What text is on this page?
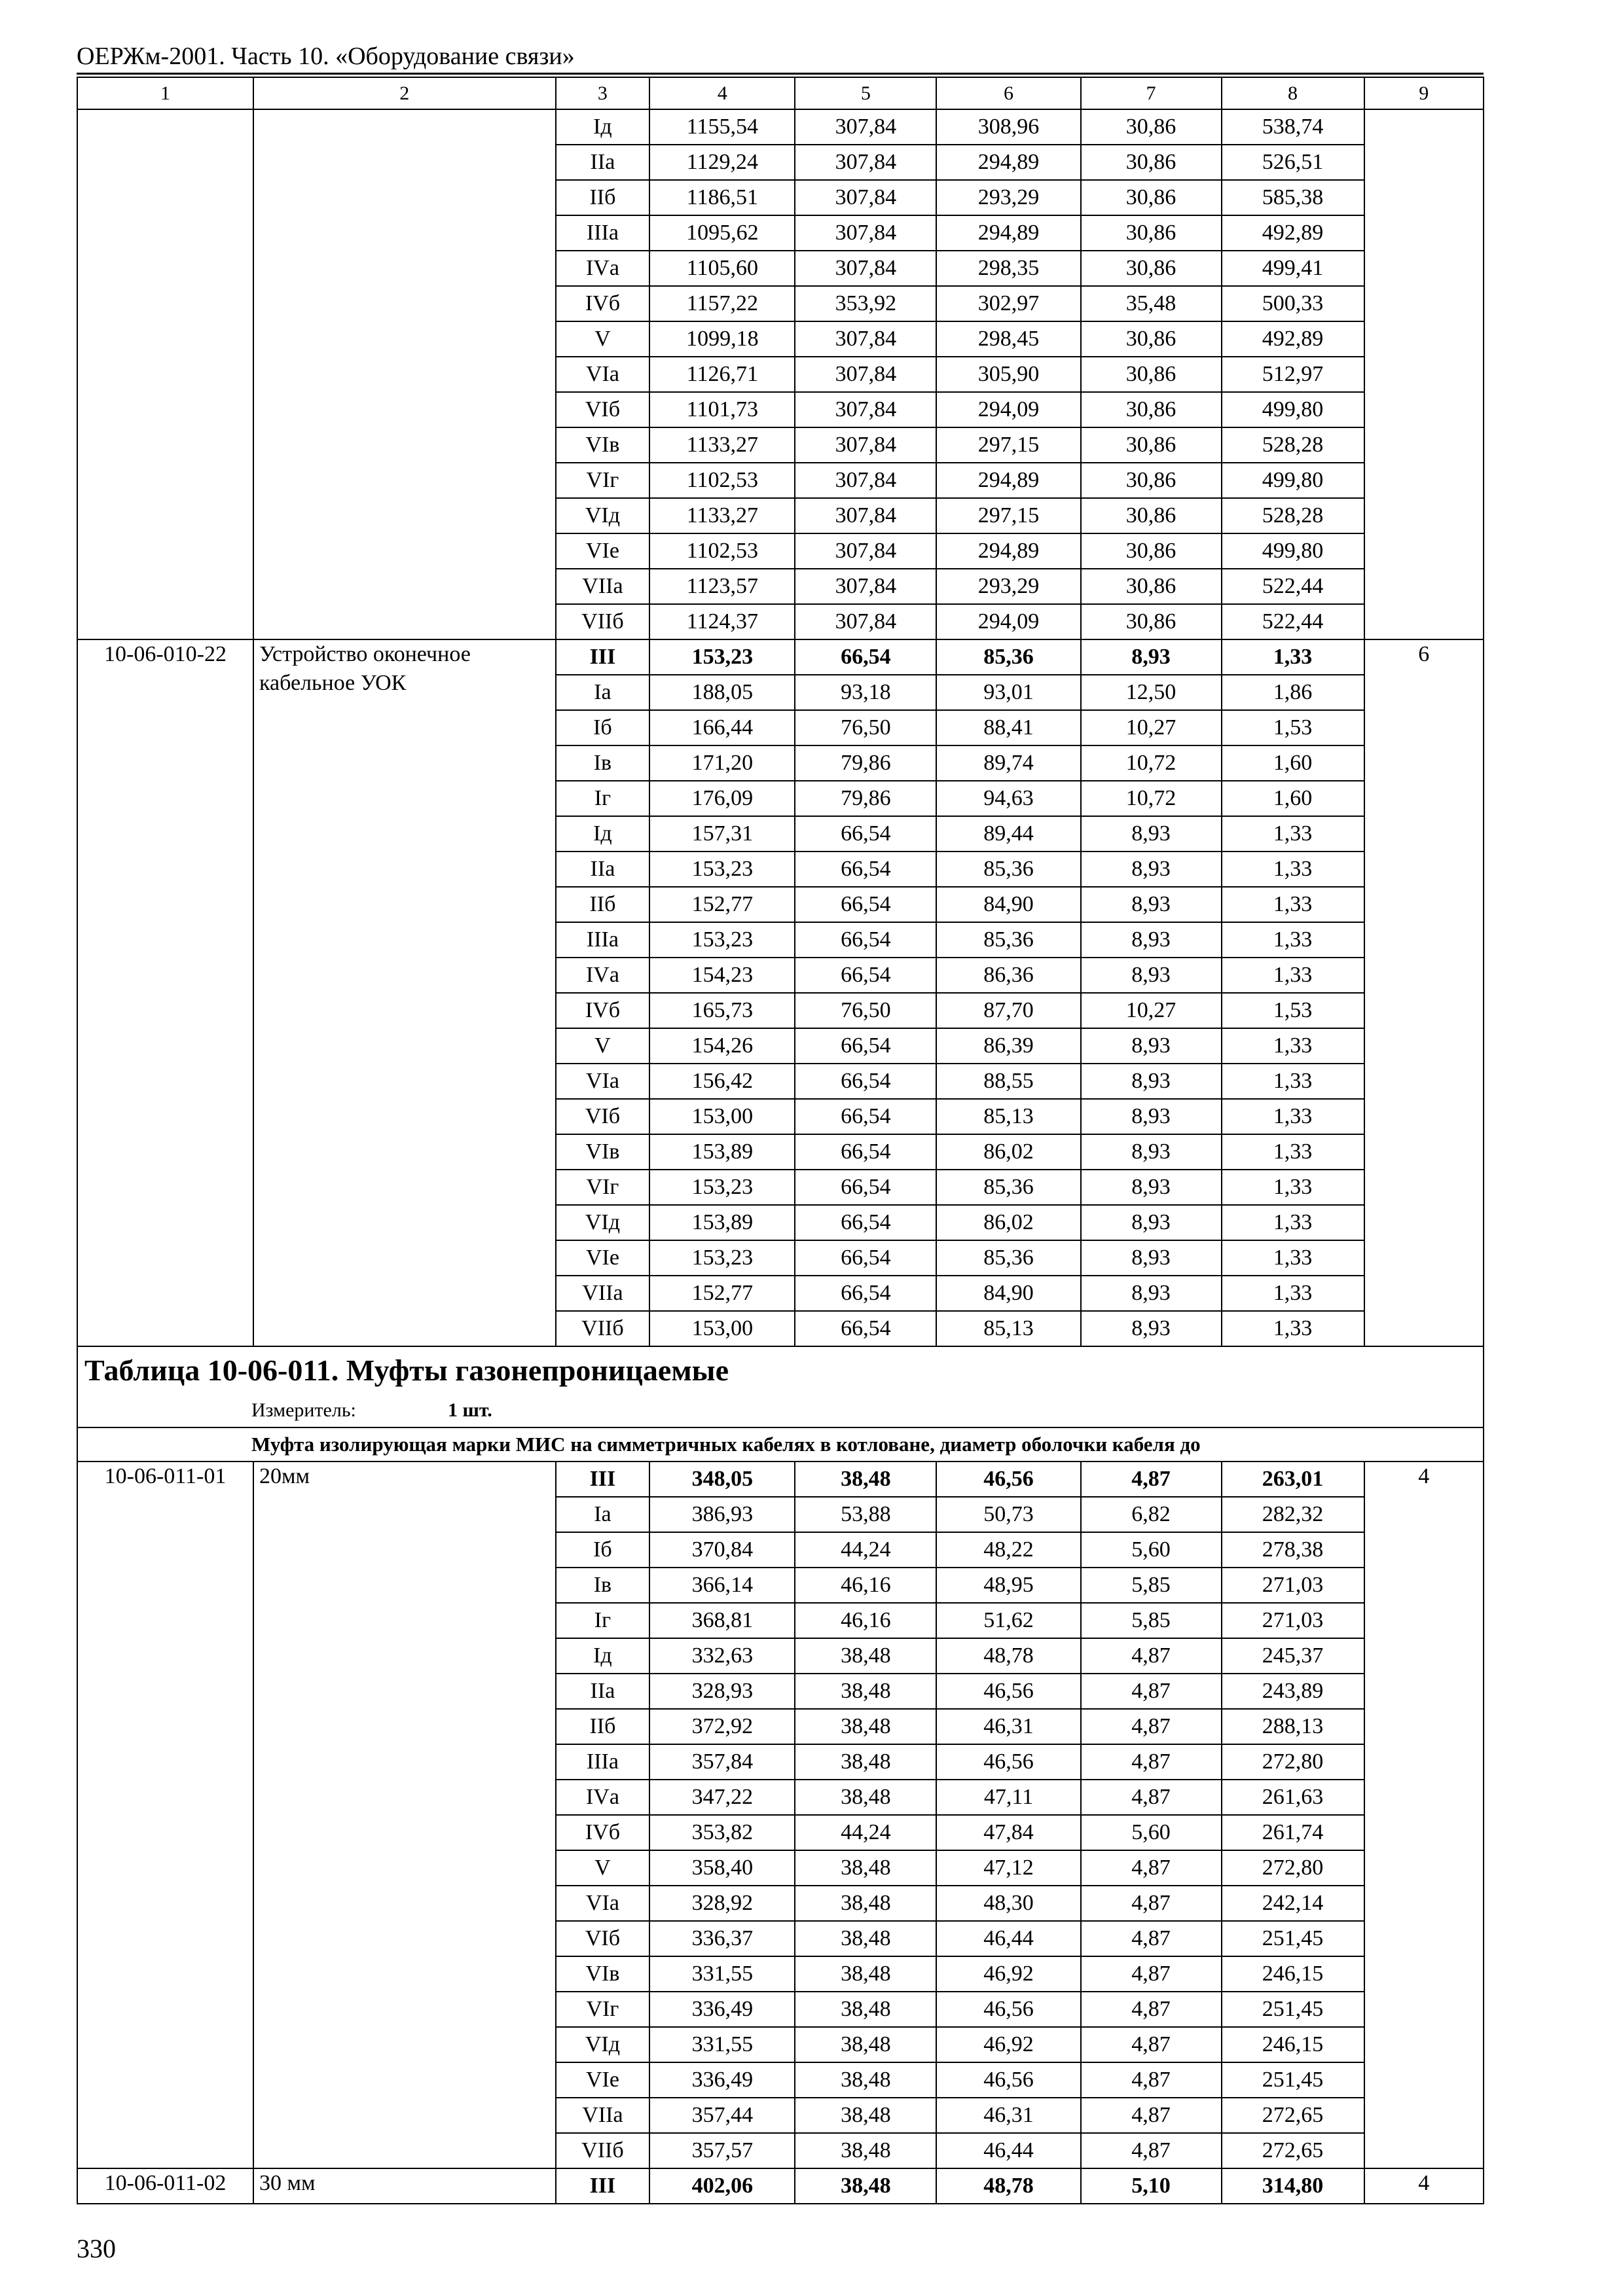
ОЕРЖм-2001. Часть 10. «Оборудование связи»
1	2	3	4	5	6	7	8	9
		Iд	1155,54	307,84	308,96	30,86	538,74	
		IIа	1129,24	307,84	294,89	30,86	526,51	
		IIб	1186,51	307,84	293,29	30,86	585,38	
		IIIа	1095,62	307,84	294,89	30,86	492,89	
		IVа	1105,60	307,84	298,35	30,86	499,41	
		IVб	1157,22	353,92	302,97	35,48	500,33	
		V	1099,18	307,84	298,45	30,86	492,89	
		VIа	1126,71	307,84	305,90	30,86	512,97	
		VIб	1101,73	307,84	294,09	30,86	499,80	
		VIв	1133,27	307,84	297,15	30,86	528,28	
		VIг	1102,53	307,84	294,89	30,86	499,80	
		VIд	1133,27	307,84	297,15	30,86	528,28	
		VIе	1102,53	307,84	294,89	30,86	499,80	
		VIIа	1123,57	307,84	293,29	30,86	522,44	
		VIIб	1124,37	307,84	294,09	30,86	522,44	
10-06-010-22	Устройство оконечное кабельное УОК	III	153,23	66,54	85,36	8,93	1,33	6
		Iа	188,05	93,18	93,01	12,50	1,86	
		Iб	166,44	76,50	88,41	10,27	1,53	
		Iв	171,20	79,86	89,74	10,72	1,60	
		Iг	176,09	79,86	94,63	10,72	1,60	
		Iд	157,31	66,54	89,44	8,93	1,33	
		IIа	153,23	66,54	85,36	8,93	1,33	
		IIб	152,77	66,54	84,90	8,93	1,33	
		IIIа	153,23	66,54	85,36	8,93	1,33	
		IVа	154,23	66,54	86,36	8,93	1,33	
		IVб	165,73	76,50	87,70	10,27	1,53	
		V	154,26	66,54	86,39	8,93	1,33	
		VIа	156,42	66,54	88,55	8,93	1,33	
		VIб	153,00	66,54	85,13	8,93	1,33	
		VIв	153,89	66,54	86,02	8,93	1,33	
		VIг	153,23	66,54	85,36	8,93	1,33	
		VIд	153,89	66,54	86,02	8,93	1,33	
		VIе	153,23	66,54	85,36	8,93	1,33	
		VIIа	152,77	66,54	84,90	8,93	1,33	
		VIIб	153,00	66,54	85,13	8,93	1,33	
Таблица 10-06-011. Муфты газонепроницаемые								
Измеритель: 1 шт.								
Муфта изолирующая марки МИС на симметричных кабелях в котловане, диаметр оболочки кабеля до								
10-06-011-01	20мм	III	348,05	38,48	46,56	4,87	263,01	4
		Iа	386,93	53,88	50,73	6,82	282,32	
		Iб	370,84	44,24	48,22	5,60	278,38	
		Iв	366,14	46,16	48,95	5,85	271,03	
		Iг	368,81	46,16	51,62	5,85	271,03	
		Iд	332,63	38,48	48,78	4,87	245,37	
		IIа	328,93	38,48	46,56	4,87	243,89	
		IIб	372,92	38,48	46,31	4,87	288,13	
		IIIа	357,84	38,48	46,56	4,87	272,80	
		IVа	347,22	38,48	47,11	4,87	261,63	
		IVб	353,82	44,24	47,84	5,60	261,74	
		V	358,40	38,48	47,12	4,87	272,80	
		VIа	328,92	38,48	48,30	4,87	242,14	
		VIб	336,37	38,48	46,44	4,87	251,45	
		VIв	331,55	38,48	46,92	4,87	246,15	
		VIг	336,49	38,48	46,56	4,87	251,45	
		VIд	331,55	38,48	46,92	4,87	246,15	
		VIе	336,49	38,48	46,56	4,87	251,45	
		VIIа	357,44	38,48	46,31	4,87	272,65	
		VIIб	357,57	38,48	46,44	4,87	272,65	
10-06-011-02	30 мм	III	402,06	38,48	48,78	5,10	314,80	4
330
